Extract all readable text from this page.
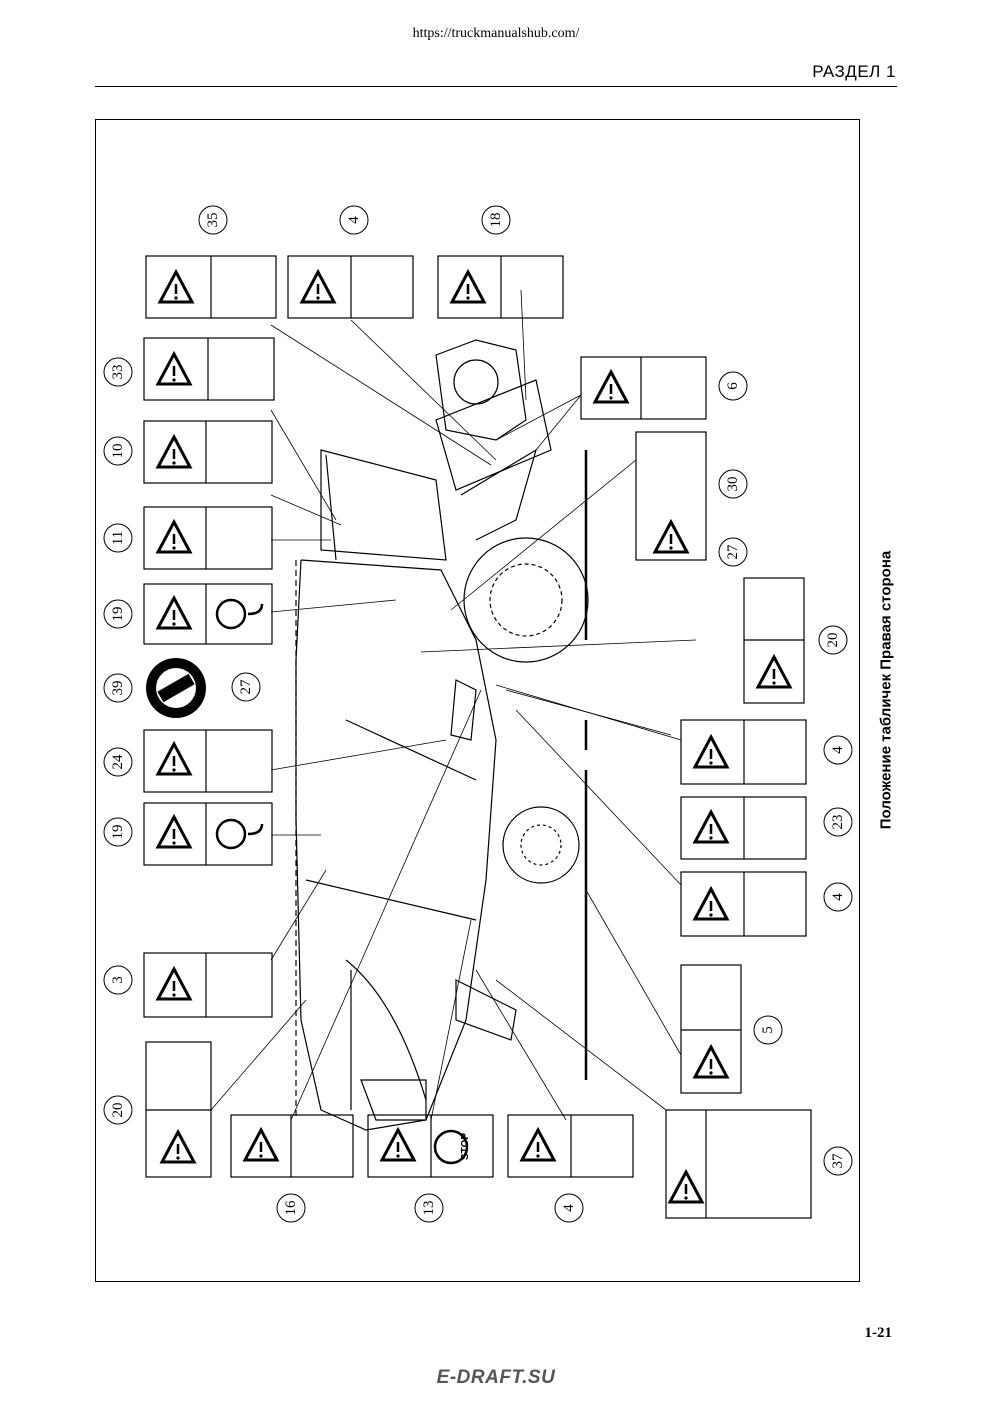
https://truckmanualshub.com/
РАЗДЕЛ 1
STOP
35	4	18
33
6
10
30
11
27
19
20
39	27
24
4
19
23
4
3
5
20
37
16	13	4
Положение табличек Правая сторона
1-21
E-DRAFT.SU
